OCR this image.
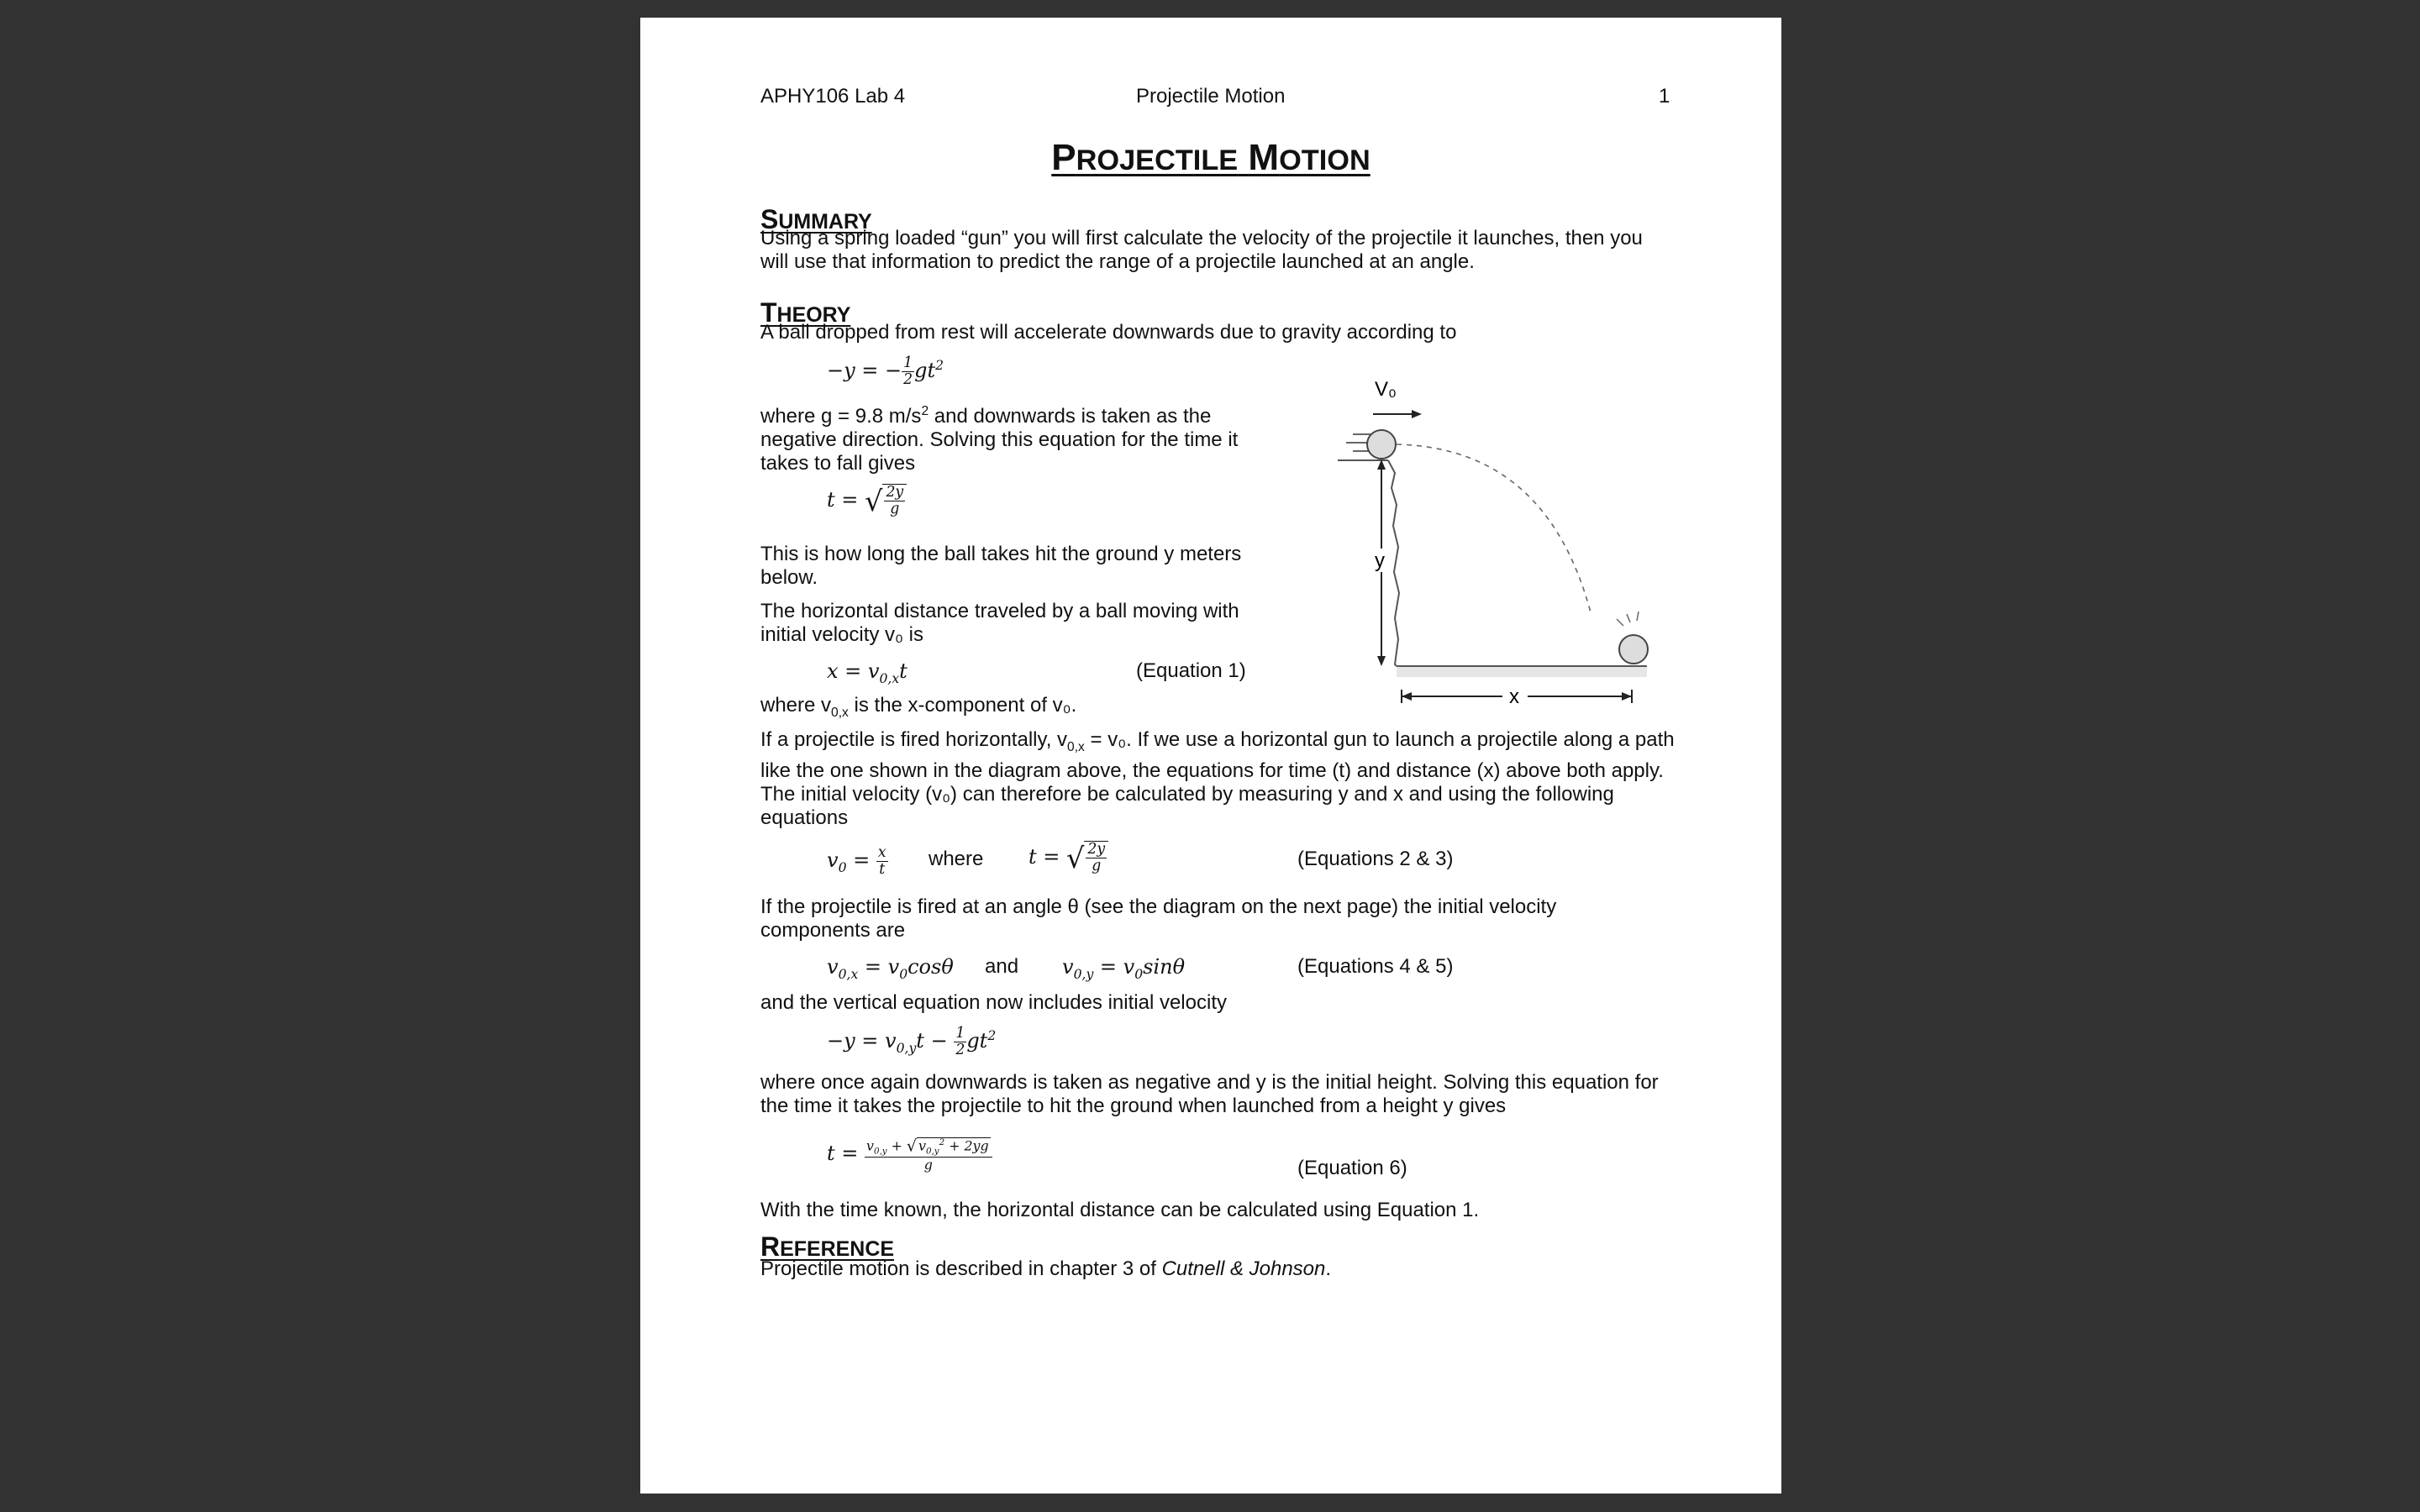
APHY106 Lab 4	Projectile Motion	1
PROJECTILE MOTION
SUMMARY
Using a spring loaded “gun” you will first calculate the velocity of the projectile it launches, then you will use that information to predict the range of a projectile launched at an angle.
THEORY
A ball dropped from rest will accelerate downwards due to gravity according to
−y = − $\frac{1}{2} gt^2$
where g = 9.8 $m/s^2$ and downwards is taken as the negative direction. Solving this equation for the time it takes to fall gives
t = √ $\frac{2y}{g}$
This is how long the ball takes hit the ground y meters below.
The horizontal distance traveled by a ball moving with initial velocity v₀ is
$x = v_{0,x}t$	(Equation 1)
where $v_{0,x}$ is the x-component of v₀.
If a projectile is fired horizontally, $v_{0,x} = v_0$. If we use a horizontal gun to launch a projectile along a path like the one shown in the diagram above, the equations for time (t) and distance (x) above both apply. The initial velocity (v₀) can therefore be calculated by measuring y and x and using the following equations
$v_0 = \frac{x}{t}$ where t = √ $\frac{2y}{g}$	(Equations 2 & 3)
If the projectile is fired at an angle θ (see the diagram on the next page) the initial velocity components are
$v_{0,x} = v_0\cos\theta$ and $v_{0,y} = v_0\sin\theta$	(Equations 4 & 5)
and the vertical equation now includes initial velocity
$-y = v_{0,y}t - \frac{1}{2} gt^2$
where once again downwards is taken as negative and y is the initial height. Solving this equation for the time it takes the projectile to hit the ground when launched from a height y gives
$t = \frac{v_{0,y} + √ v_{0,y}^2 + 2yg}{g}$	(Equation 6)
With the time known, the horizontal distance can be calculated using Equation 1.
REFERENCE
Projectile motion is described in chapter 3 of Cutnell & Johnson.
V₀
y
x
